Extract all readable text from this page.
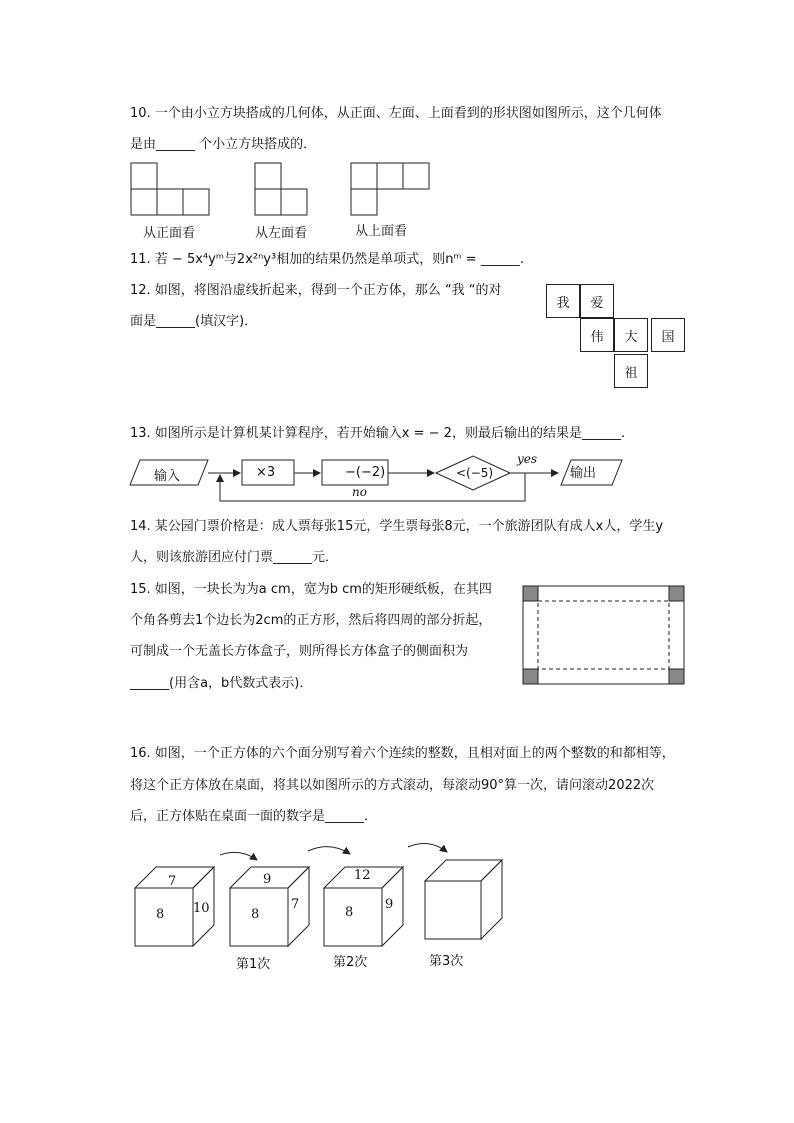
10. 一个由小立方块搭成的几何体，从正面、左面、上面看到的形状图如图所示，这个几何体
是由______ 个小立方块搭成的．
从正面看	从左面看	从上面看
11. 若 − 5x⁴yᵐ与2x²ⁿy³相加的结果仍然是单项式，则nᵐ = ______.
12. 如图，将图沿虚线折起来，得到一个正方体，那么 “我 “的对
面是______(填汉字)．
我	爱
伟	大	国
祖
13. 如图所示是计算机某计算程序，若开始输入x = − 2，则最后输出的结果是______.
输入	×3	−(−2)	<(−5)
yes
输出
no
14. 某公园门票价格是：成人票每张15元，学生票每张8元，一个旅游团队有成人x人，学生y
人，则该旅游团应付门票______元．
15. 如图，一块长为为a cm，宽为b cm的矩形硬纸板，在其四
个角各剪去1个边长为2cm的正方形，然后将四周的部分折起，
可制成一个无盖长方体盒子，则所得长方体盒子的侧面积为
______(用含a，b代数式表示)．
16. 如图，一个正方体的六个面分别写着六个连续的整数，且相对面上的两个整数的和都相等，
将这个正方体放在桌面，将其以如图所示的方式滚动，每滚动90°算一次，请问滚动2022次
后，正方体贴在桌面一面的数字是______．
7
8 10
9
8
7
第1次
12
8
9
第2次	第3次
